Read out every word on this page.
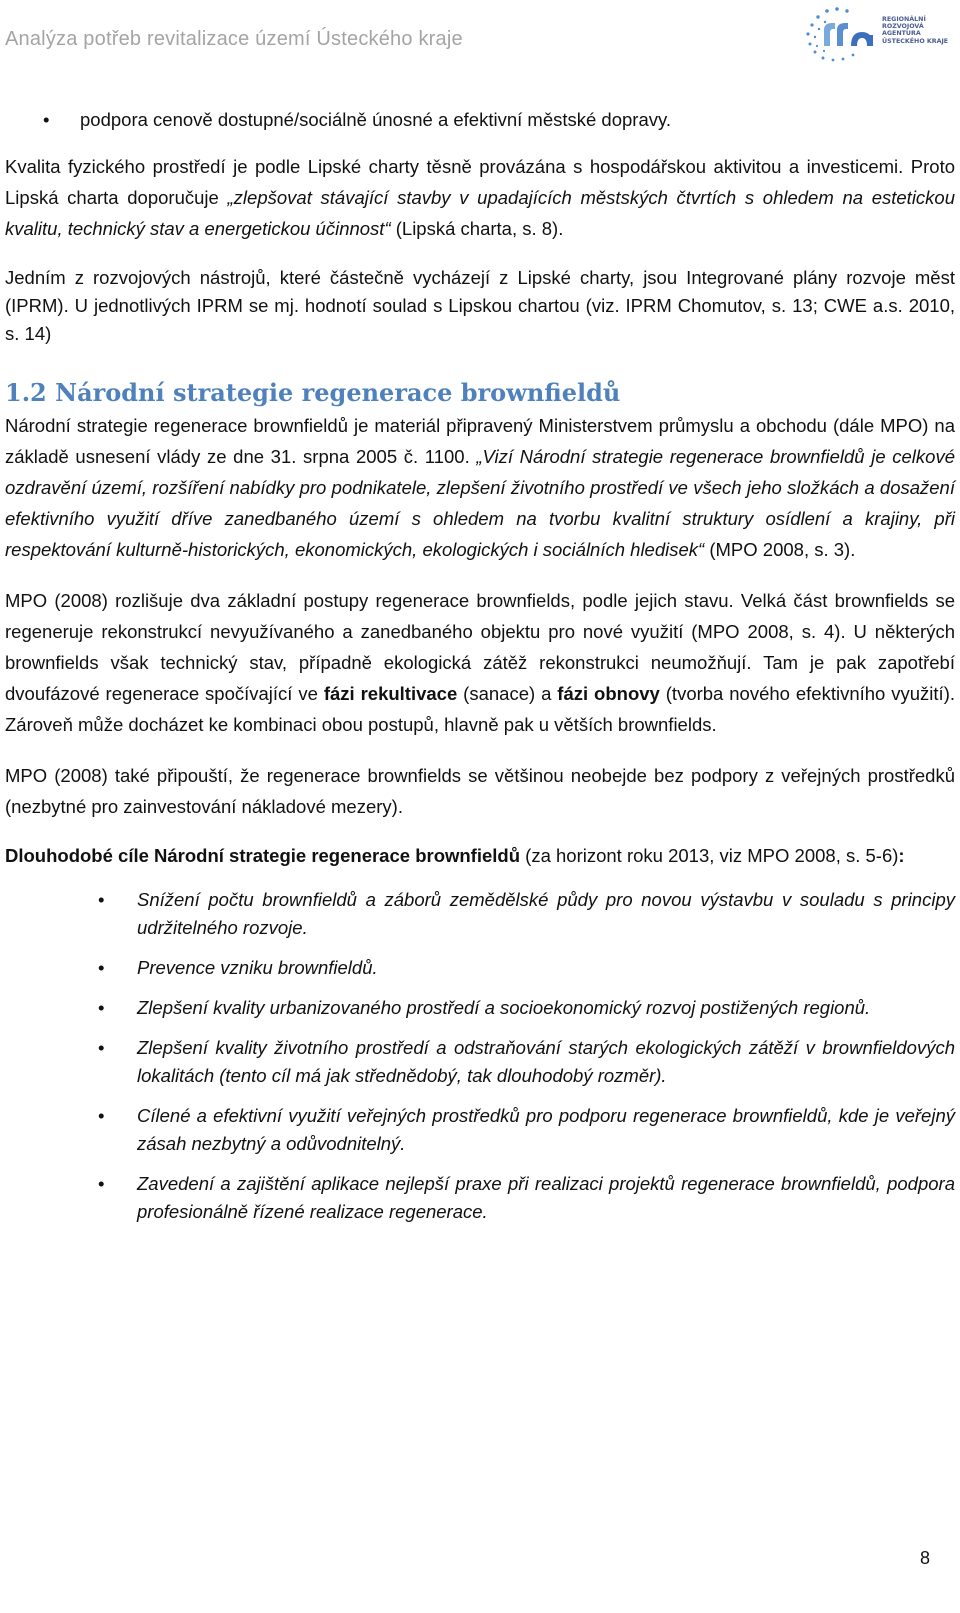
Analýza potřeb revitalizace území Ústeckého kraje
REGIONÁLNÍ
ROZVOJOVÁ
AGENTURA
ÚSTECKÉHO KRAJE

• podpora cenově dostupné/sociálně únosné a efektivní městské dopravy.

Kvalita fyzického prostředí je podle Lipské charty těsně provázána s hospodářskou aktivitou a investicemi. Proto Lipská charta doporučuje „zlepšovat stávající stavby v upadajících městských čtvrtích s ohledem na estetickou kvalitu, technický stav a energetickou účinnost“ (Lipská charta, s. 8).

Jedním z rozvojových nástrojů, které částečně vycházejí z Lipské charty, jsou Integrované plány rozvoje měst (IPRM). U jednotlivých IPRM se mj. hodnotí soulad s Lipskou chartou (viz. IPRM Chomutov, s. 13; CWE a.s. 2010, s. 14)

1.2 Národní strategie regenerace brownfieldů

Národní strategie regenerace brownfieldů je materiál připravený Ministerstvem průmyslu a obchodu (dále MPO) na základě usnesení vlády ze dne 31. srpna 2005 č. 1100. „Vizí Národní strategie regenerace brownfieldů je celkové ozdravění území, rozšíření nabídky pro podnikatele, zlepšení životního prostředí ve všech jeho složkách a dosažení efektivního využití dříve zanedbaného území s ohledem na tvorbu kvalitní struktury osídlení a krajiny, při respektování kulturně-historických, ekonomických, ekologických i sociálních hledisek“ (MPO 2008, s. 3).

MPO (2008) rozlišuje dva základní postupy regenerace brownfields, podle jejich stavu. Velká část brownfields se regeneruje rekonstrukcí nevyužívaného a zanedbaného objektu pro nové využití (MPO 2008, s. 4). U některých brownfields však technický stav, případně ekologická zátěž rekonstrukci neumožňují. Tam je pak zapotřebí dvoufázové regenerace spočívající ve fázi rekultivace (sanace) a fázi obnovy (tvorba nového efektivního využití). Zároveň může docházet ke kombinaci obou postupů, hlavně pak u větších brownfields.

MPO (2008) také připouští, že regenerace brownfields se většinou neobejde bez podpory z veřejných prostředků (nezbytné pro zainvestování nákladové mezery).

Dlouhodobé cíle Národní strategie regenerace brownfieldů (za horizont roku 2013, viz MPO 2008, s. 5-6):

• Snížení počtu brownfieldů a záborů zemědělské půdy pro novou výstavbu v souladu s principy udržitelného rozvoje.
• Prevence vzniku brownfieldů.
• Zlepšení kvality urbanizovaného prostředí a socioekonomický rozvoj postižených regionů.
• Zlepšení kvality životního prostředí a odstraňování starých ekologických zátěží v brownfieldových lokalitách (tento cíl má jak střednědobý, tak dlouhodobý rozměr).
• Cílené a efektivní využití veřejných prostředků pro podporu regenerace brownfieldů, kde je veřejný zásah nezbytný a odůvodnitelný.
• Zavedení a zajištění aplikace nejlepší praxe při realizaci projektů regenerace brownfieldů, podpora profesionálně řízené realizace regenerace.
8
